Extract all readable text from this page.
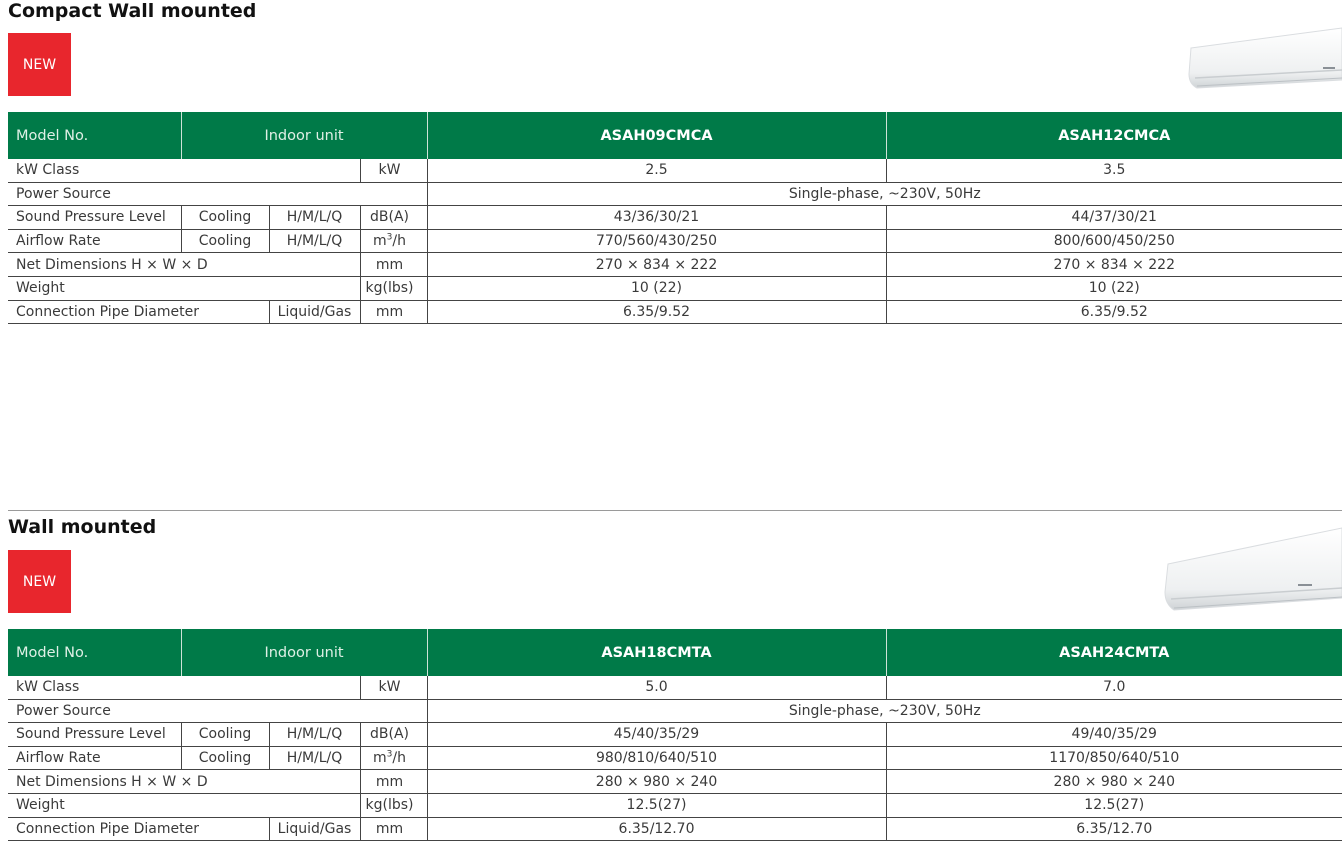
Compact Wall mounted
NEW
Model No.	Indoor unit			ASAH09CMCA	ASAH12CMCA
kW Class			kW	2.5	3.5
Power Source				Single-phase, ~230V, 50Hz	
Sound Pressure Level	Cooling	H/M/L/Q	dB(A)	43/36/30/21	44/37/30/21
Airflow Rate	Cooling	H/M/L/Q	$m^3/h$	770/560/430/250	800/600/450/250
Net Dimensions H × W × D			mm	270 × 834 × 222	270 × 834 × 222
Weight			kg(lbs)	10 (22)	10 (22)
Connection Pipe Diameter		Liquid/Gas	mm	6.35/9.52	6.35/9.52
Wall mounted
NEW
Model No.	Indoor unit			ASAH18CMTA	ASAH24CMTA
kW Class			kW	5.0	7.0
Power Source				Single-phase, ~230V, 50Hz	
Sound Pressure Level	Cooling	H/M/L/Q	dB(A)	45/40/35/29	49/40/35/29
Airflow Rate	Cooling	H/M/L/Q	$m^3/h$	980/810/640/510	1170/850/640/510
Net Dimensions H × W × D			mm	280 × 980 × 240	280 × 980 × 240
Weight			kg(lbs)	12.5(27)	12.5(27)
Connection Pipe Diameter		Liquid/Gas	mm	6.35/12.70	6.35/12.70
